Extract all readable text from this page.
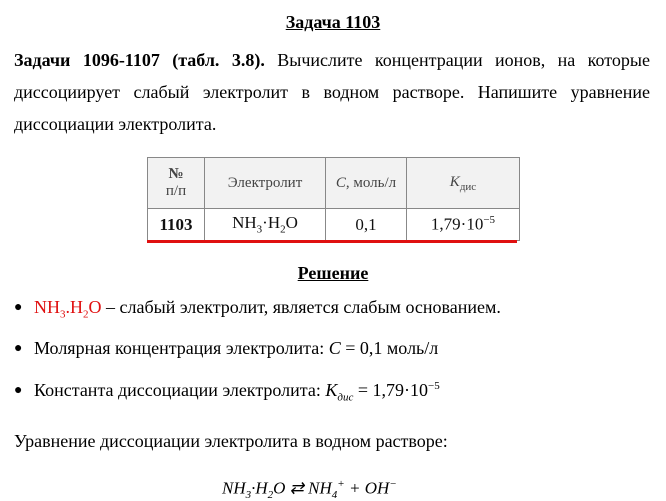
Задача 1103
Задачи 1096-1107 (табл. 3.8). Вычислите концентрации ионов, на которые диссоциирует слабый электролит в водном растворе. Напишите уравнение диссоциации электролита.
№
п/п	Электролит	C, моль/л	$K_{дис}$
1103	$NH_3\cdot H_2O$	0,1	$1,79\cdot 10^{-5}$
Решение
● $NH_3.H_2O$ – слабый электролит, является слабым основанием.
● Молярная концентрация электролита: C = 0,1 моль/л
● Константа диссоциации электролита: $K_{дис} = 1,79\cdot 10^{-5}$
Уравнение диссоциации электролита в водном растворе:
$NH_3\cdot H_2O$ ⇄ $NH_4^+ + OH^-$
